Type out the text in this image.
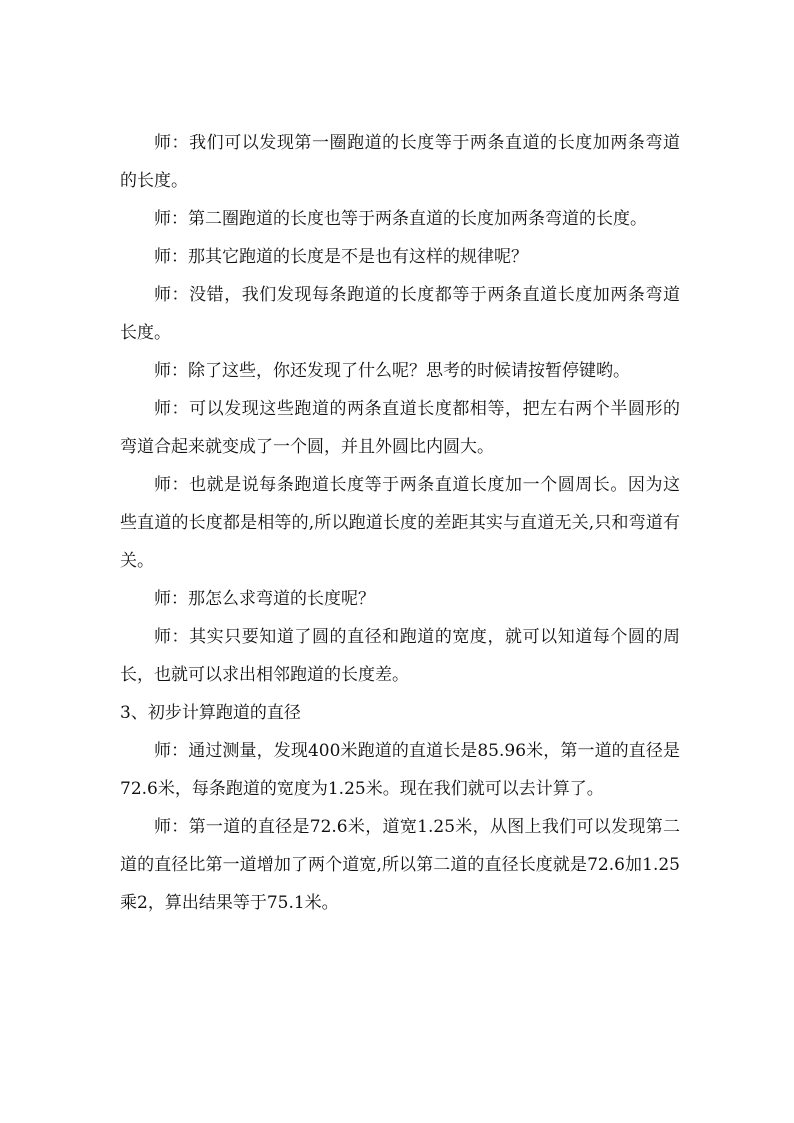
师：我们可以发现第一圈跑道的长度等于两条直道的长度加两条弯道的长度。

师：第二圈跑道的长度也等于两条直道的长度加两条弯道的长度。

师：那其它跑道的长度是不是也有这样的规律呢？

师：没错，我们发现每条跑道的长度都等于两条直道长度加两条弯道长度。

师：除了这些，你还发现了什么呢？思考的时候请按暂停键哟。

师：可以发现这些跑道的两条直道长度都相等，把左右两个半圆形的弯道合起来就变成了一个圆，并且外圆比内圆大。

师：也就是说每条跑道长度等于两条直道长度加一个圆周长。因为这些直道的长度都是相等的,所以跑道长度的差距其实与直道无关,只和弯道有关。

师：那怎么求弯道的长度呢？

师：其实只要知道了圆的直径和跑道的宽度，就可以知道每个圆的周长，也就可以求出相邻跑道的长度差。

3、初步计算跑道的直径

师：通过测量，发现400米跑道的直道长是85.96米，第一道的直径是72.6米，每条跑道的宽度为1.25米。现在我们就可以去计算了。

师：第一道的直径是72.6米，道宽1.25米，从图上我们可以发现第二道的直径比第一道增加了两个道宽,所以第二道的直径长度就是72.6加1.25乘2，算出结果等于75.1米。
